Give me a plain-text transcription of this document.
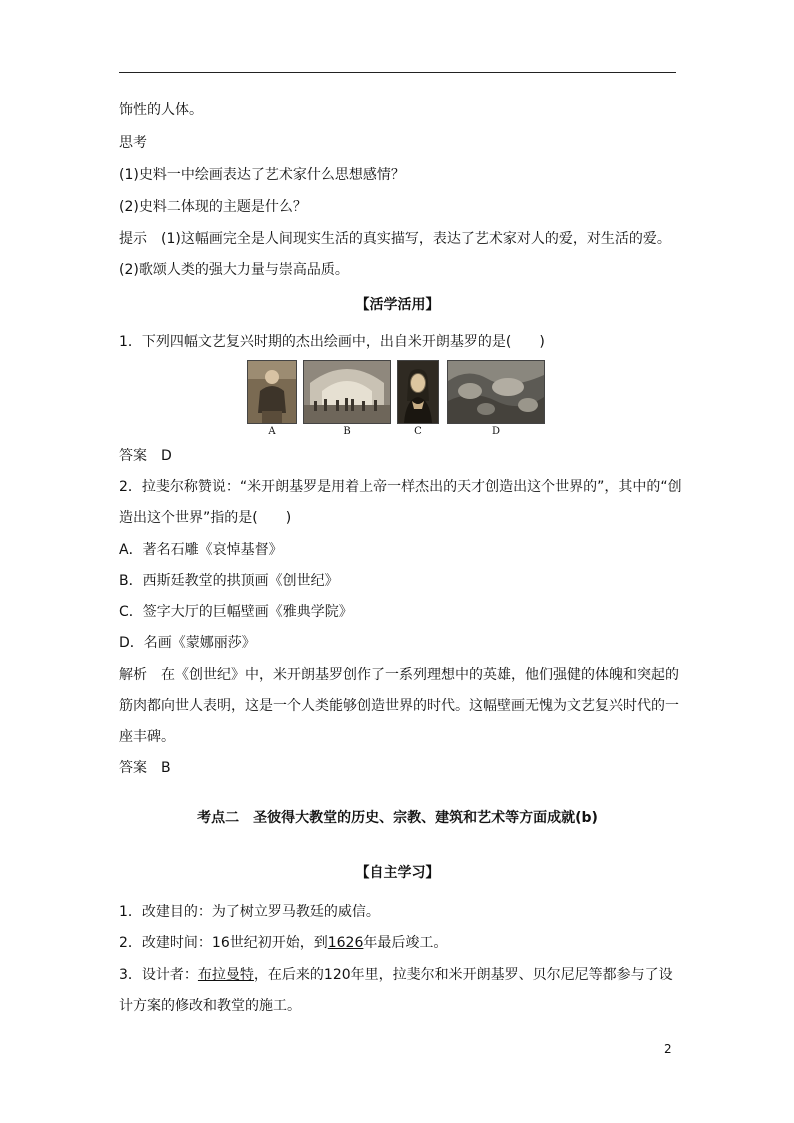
饰性的人体。
思考
(1)史料一中绘画表达了艺术家什么思想感情？
(2)史料二体现的主题是什么？
提示　(1)这幅画完全是人间现实生活的真实描写，表达了艺术家对人的爱，对生活的爱。
(2)歌颂人类的强大力量与崇高品质。
【活学活用】
1．下列四幅文艺复兴时期的杰出绘画中，出自米开朗基罗的是(　　)
A	B	C	D
答案　D
2．拉斐尔称赞说：“米开朗基罗是用着上帝一样杰出的天才创造出这个世界的”，其中的“创
造出这个世界”指的是(　　)
A．著名石雕《哀悼基督》
B．西斯廷教堂的拱顶画《创世纪》
C．签字大厅的巨幅壁画《雅典学院》
D．名画《蒙娜丽莎》
解析　在《创世纪》中，米开朗基罗创作了一系列理想中的英雄，他们强健的体魄和突起的
筋肉都向世人表明，这是一个人类能够创造世界的时代。这幅壁画无愧为文艺复兴时代的一
座丰碑。
答案　B
考点二　圣彼得大教堂的历史、宗教、建筑和艺术等方面成就(b)
【自主学习】
1．改建目的：为了树立罗马教廷的威信。
2．改建时间：16世纪初开始，到1626年最后竣工。
3．设计者：布拉曼特，在后来的120年里，拉斐尔和米开朗基罗、贝尔尼尼等都参与了设
计方案的修改和教堂的施工。
2
